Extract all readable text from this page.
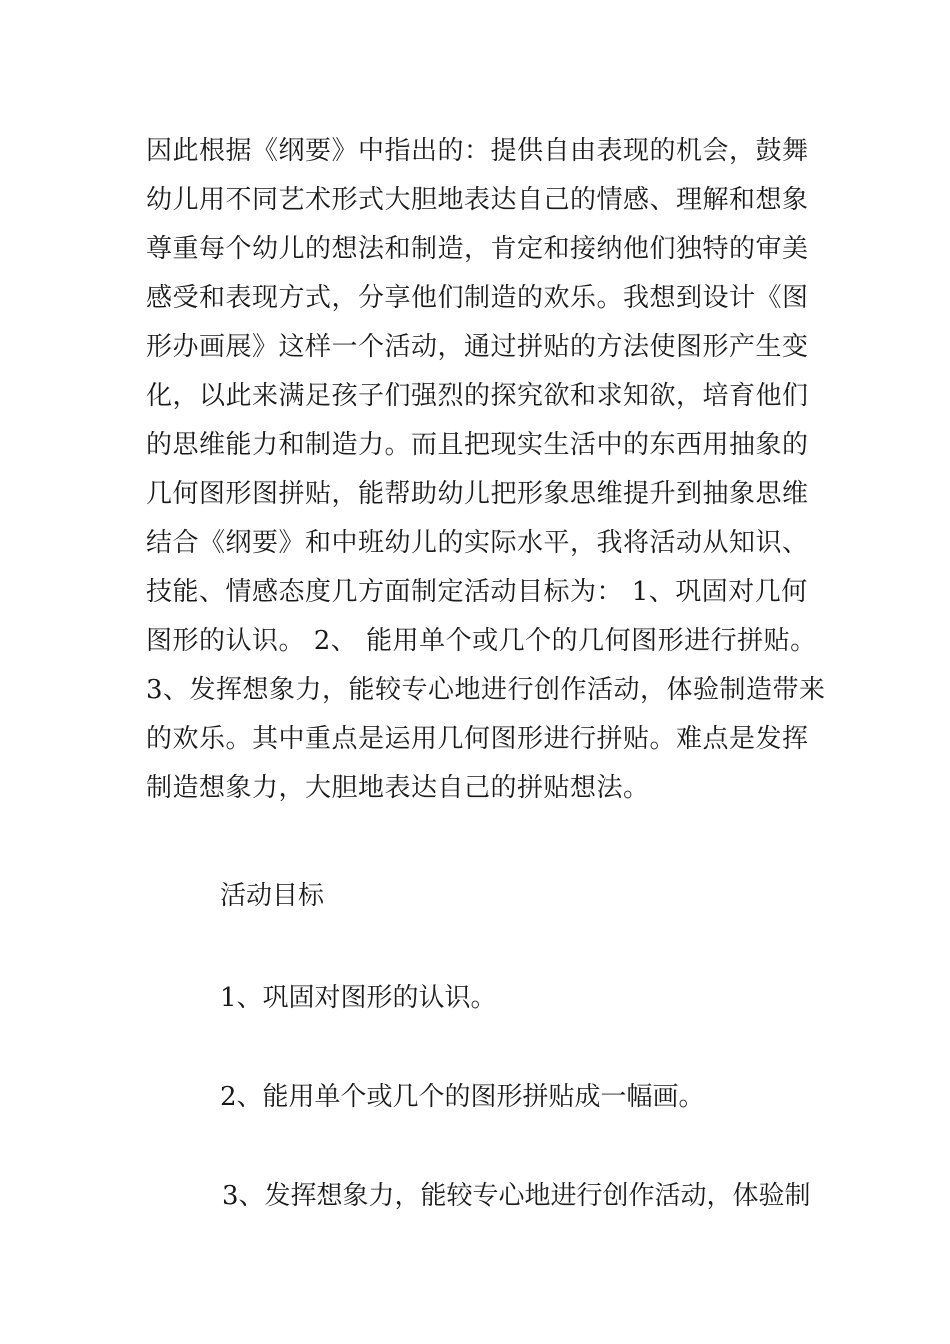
因此根据《纲要》中指出的：提供自由表现的机会，鼓舞
幼儿用不同艺术形式大胆地表达自己的情感、理解和想象
尊重每个幼儿的想法和制造，肯定和接纳他们独特的审美
感受和表现方式，分享他们制造的欢乐。我想到设计《图
形办画展》这样一个活动，通过拼贴的方法使图形产生变
化，以此来满足孩子们强烈的探究欲和求知欲，培育他们
的思维能力和制造力。而且把现实生活中的东西用抽象的
几何图形图拼贴，能帮助幼儿把形象思维提升到抽象思维
结合《纲要》和中班幼儿的实际水平，我将活动从知识、
技能、情感态度几方面制定活动目标为： 1、巩固对几何
图形的认识。 2、 能用单个或几个的几何图形进行拼贴。
3、发挥想象力，能较专心地进行创作活动，体验制造带来
的欢乐。其中重点是运用几何图形进行拼贴。难点是发挥
制造想象力，大胆地表达自己的拼贴想法。
活动目标
1、巩固对图形的认识。
2、能用单个或几个的图形拼贴成一幅画。
3、发挥想象力，能较专心地进行创作活动，体验制
